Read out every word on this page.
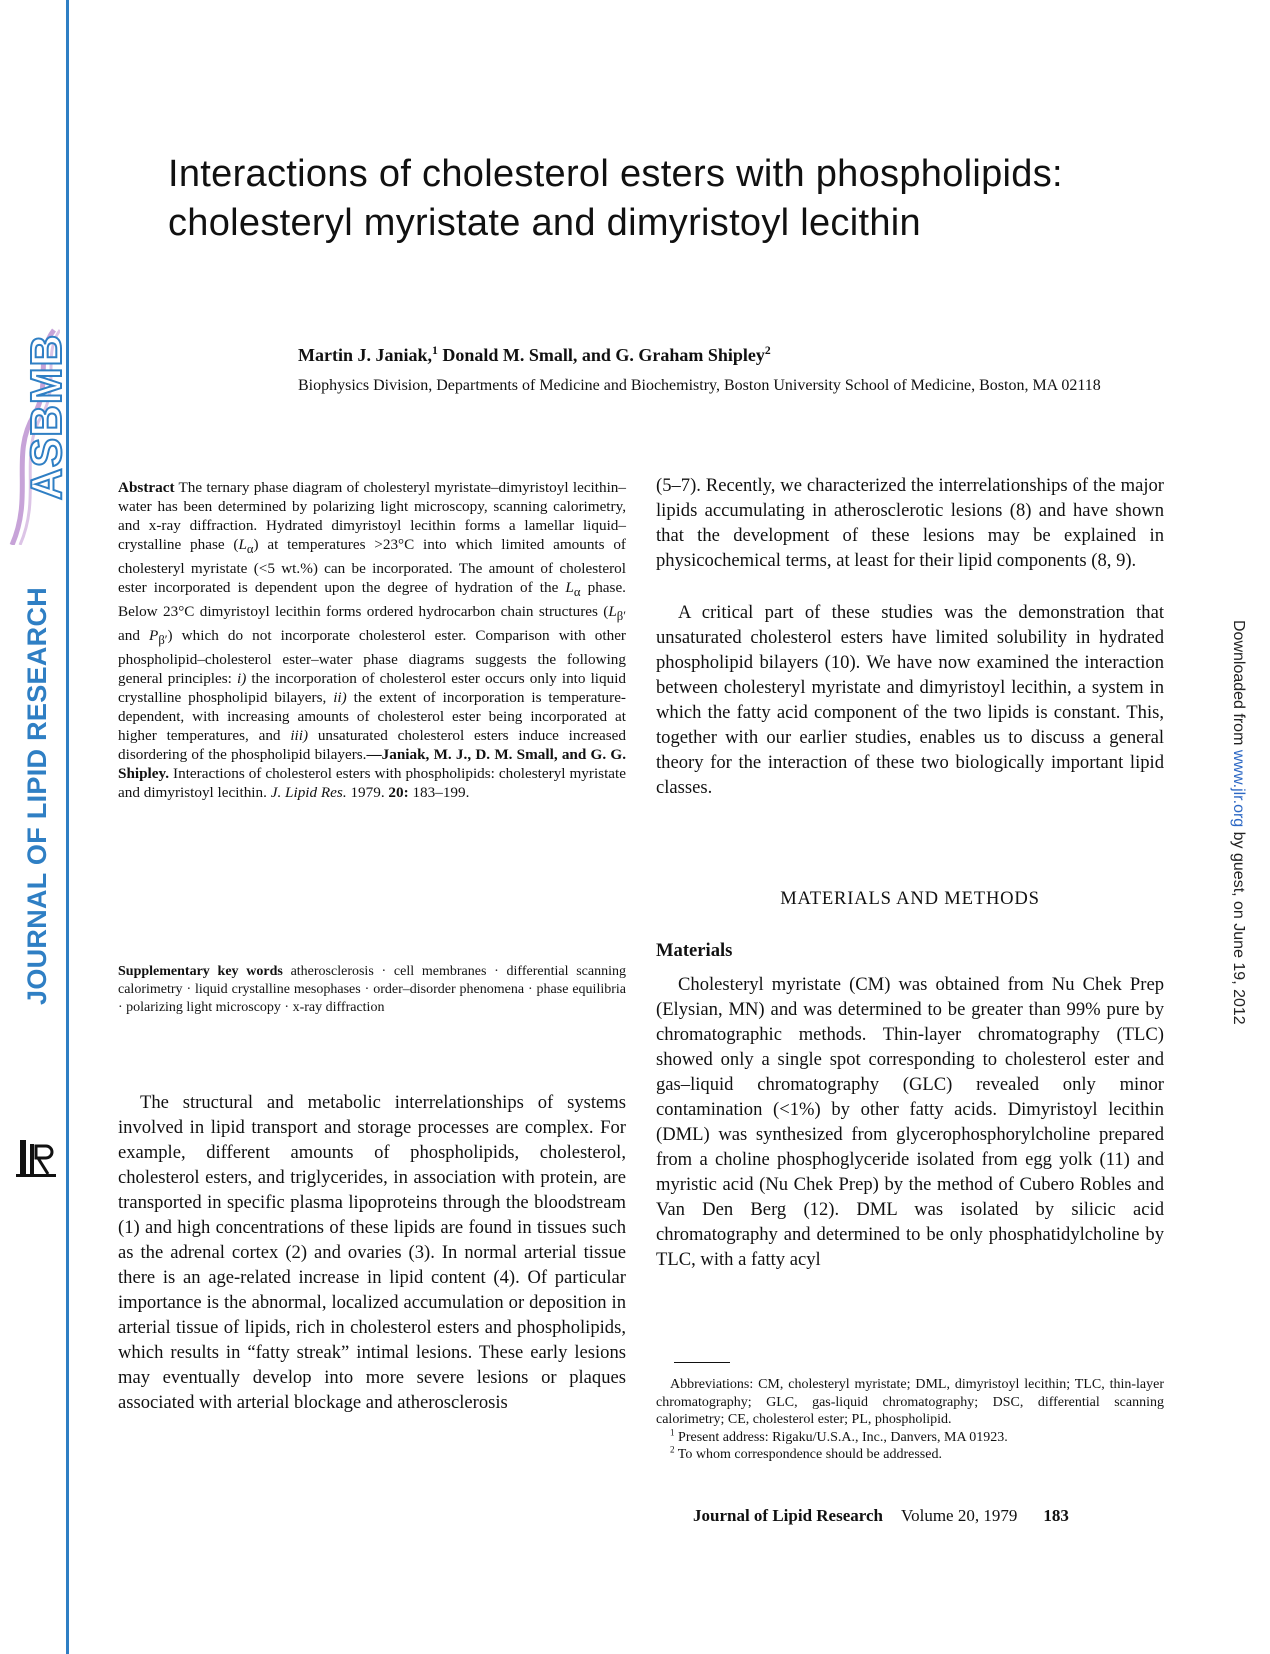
ASBMB
JOURNAL OF LIPID RESEARCH	Downloaded from www.jlr.org by guest, on June 19, 2012
Interactions of cholesterol esters with phospholipids: cholesteryl myristate and dimyristoyl lecithin

Martin J. Janiak,$^1$ Donald M. Small, and G. Graham Shipley$^2$

Biophysics Division, Departments of Medicine and Biochemistry, Boston University School of Medicine, Boston, MA 02118

Abstract The ternary phase diagram of cholesteryl myristate–dimyristoyl lecithin–water has been determined by polarizing light microscopy, scanning calorimetry, and x-ray diffraction. Hydrated dimyristoyl lecithin forms a lamellar liquid–crystalline phase $(L_\alpha)$ at temperatures >23°C into which limited amounts of cholesteryl myristate (<5 wt.%) can be incorporated. The amount of cholesterol ester incorporated is dependent upon the degree of hydration of the $L_\alpha$ phase. Below 23°C dimyristoyl lecithin forms ordered hydrocarbon chain structures ($L_{\beta'}$ and $P_{\beta'}$) which do not incorporate cholesterol ester. Comparison with other phospholipid–cholesterol ester–water phase diagrams suggests the following general principles: i) the incorporation of cholesterol ester occurs only into liquid crystalline phospholipid bilayers, ii) the extent of incorporation is temperature-dependent, with increasing amounts of cholesterol ester being incorporated at higher temperatures, and iii) unsaturated cholesterol esters induce increased disordering of the phospholipid bilayers.—Janiak, M. J., D. M. Small, and G. G. Shipley. Interactions of cholesterol esters with phospholipids: cholesteryl myristate and dimyristoyl lecithin. J. Lipid Res. 1979. 20: 183–199.

Supplementary key words atherosclerosis · cell membranes · differential scanning calorimetry · liquid crystalline mesophases · order–disorder phenomena · phase equilibria · polarizing light microscopy · x-ray diffraction

The structural and metabolic interrelationships of systems involved in lipid transport and storage processes are complex. For example, different amounts of phospholipids, cholesterol, cholesterol esters, and triglycerides, in association with protein, are transported in specific plasma lipoproteins through the bloodstream (1) and high concentrations of these lipids are found in tissues such as the adrenal cortex (2) and ovaries (3). In normal arterial tissue there is an age-related increase in lipid content (4). Of particular importance is the abnormal, localized accumulation or deposition in arterial tissue of lipids, rich in cholesterol esters and phospholipids, which results in “fatty streak” intimal lesions. These early lesions may eventually develop into more severe lesions or plaques associated with arterial blockage and atherosclerosis

(5–7). Recently, we characterized the interrelationships of the major lipids accumulating in atherosclerotic lesions (8) and have shown that the development of these lesions may be explained in physicochemical terms, at least for their lipid components (8, 9).

A critical part of these studies was the demonstration that unsaturated cholesterol esters have limited solubility in hydrated phospholipid bilayers (10). We have now examined the interaction between cholesteryl myristate and dimyristoyl lecithin, a system in which the fatty acid component of the two lipids is constant. This, together with our earlier studies, enables us to discuss a general theory for the interaction of these two biologically important lipid classes.

MATERIALS AND METHODS
Materials

Cholesteryl myristate (CM) was obtained from Nu Chek Prep (Elysian, MN) and was determined to be greater than 99% pure by chromatographic methods. Thin-layer chromatography (TLC) showed only a single spot corresponding to cholesterol ester and gas–liquid chromatography (GLC) revealed only minor contamination (<1%) by other fatty acids. Dimyristoyl lecithin (DML) was synthesized from glycerophosphorylcholine prepared from a choline phosphoglyceride isolated from egg yolk (11) and myristic acid (Nu Chek Prep) by the method of Cubero Robles and Van Den Berg (12). DML was isolated by silicic acid chromatography and determined to be only phosphatidylcholine by TLC, with a fatty acyl

Abbreviations: CM, cholesteryl myristate; DML, dimyristoyl lecithin; TLC, thin-layer chromatography; GLC, gas-liquid chromatography; DSC, differential scanning calorimetry; CE, cholesterol ester; PL, phospholipid.

$^1$ Present address: Rigaku/U.S.A., Inc., Danvers, MA 01923.

$^2$ To whom correspondence should be addressed.

Journal of Lipid Research Volume 20, 1979 183
